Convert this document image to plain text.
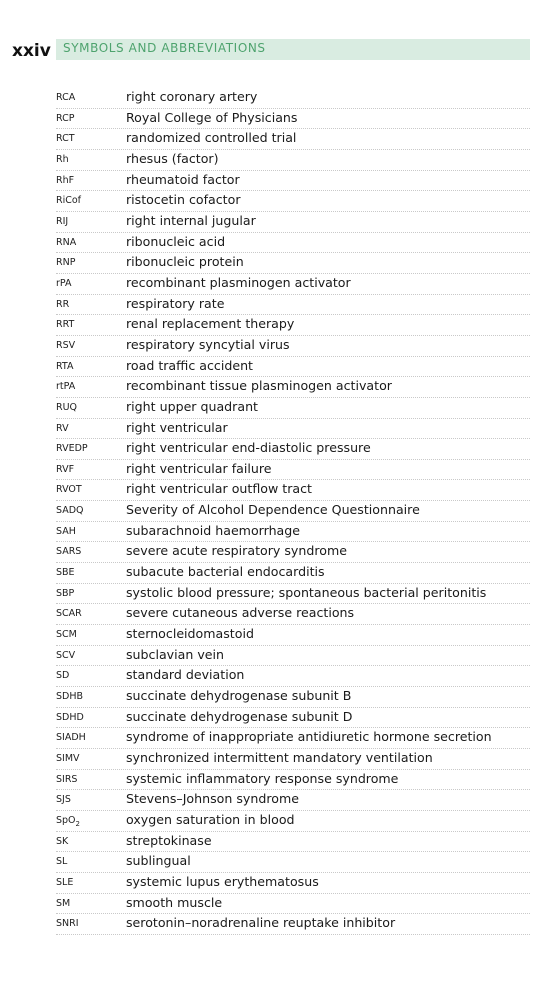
xxiv SYMBOLS AND ABBREVIATIONS
RCA	right coronary artery
RCP	Royal College of Physicians
RCT	randomized controlled trial
Rh	rhesus (factor)
RhF	rheumatoid factor
RiCof	ristocetin cofactor
RIJ	right internal jugular
RNA	ribonucleic acid
RNP	ribonucleic protein
rPA	recombinant plasminogen activator
RR	respiratory rate
RRT	renal replacement therapy
RSV	respiratory syncytial virus
RTA	road traffic accident
rtPA	recombinant tissue plasminogen activator
RUQ	right upper quadrant
RV	right ventricular
RVEDP	right ventricular end-diastolic pressure
RVF	right ventricular failure
RVOT	right ventricular outflow tract
SADQ	Severity of Alcohol Dependence Questionnaire
SAH	subarachnoid haemorrhage
SARS	severe acute respiratory syndrome
SBE	subacute bacterial endocarditis
SBP	systolic blood pressure; spontaneous bacterial peritonitis
SCAR	severe cutaneous adverse reactions
SCM	sternocleidomastoid
SCV	subclavian vein
SD	standard deviation
SDHB	succinate dehydrogenase subunit B
SDHD	succinate dehydrogenase subunit D
SIADH	syndrome of inappropriate antidiuretic hormone secretion
SIMV	synchronized intermittent mandatory ventilation
SIRS	systemic inflammatory response syndrome
SJS	Stevens–Johnson syndrome
SpO$_2$	oxygen saturation in blood
SK	streptokinase
SL	sublingual
SLE	systemic lupus erythematosus
SM	smooth muscle
SNRI	serotonin–noradrenaline reuptake inhibitor
